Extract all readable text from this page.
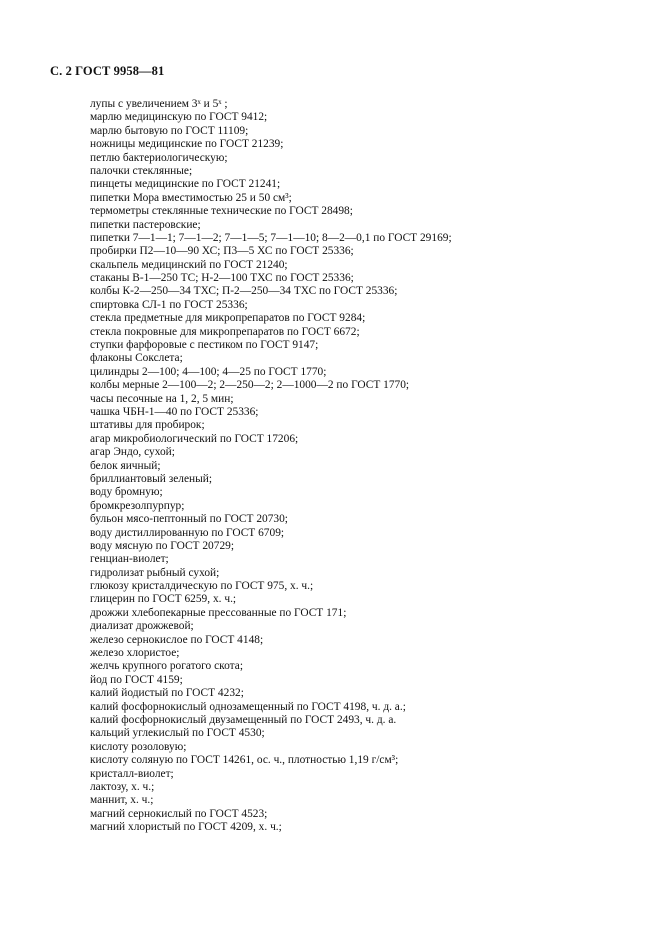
С. 2 ГОСТ 9958—81
лупы с увеличением 3ˣ и 5ˣ ;
марлю медицинскую по ГОСТ 9412;
марлю бытовую по ГОСТ 11109;
ножницы медицинские по ГОСТ 21239;
петлю бактериологическую;
палочки стеклянные;
пинцеты медицинские по ГОСТ 21241;
пипетки Мора вместимостью 25 и 50 см³;
термометры стеклянные технические по ГОСТ 28498;
пипетки пастеровские;
пипетки 7—1—1; 7—1—2; 7—1—5; 7—1—10; 8—2—0,1 по ГОСТ 29169;
пробирки П2—10—90 ХС; П3—5 ХС по ГОСТ 25336;
скальпель медицинский по ГОСТ 21240;
стаканы В-1—250 ТС; Н-2—100 ТХС по ГОСТ 25336;
колбы К-2—250—34 ТХС; П-2—250—34 ТХС по ГОСТ 25336;
спиртовка СЛ-1 по ГОСТ 25336;
стекла предметные для микропрепаратов по ГОСТ 9284;
стекла покровные для микропрепаратов по ГОСТ 6672;
ступки фарфоровые с пестиком по ГОСТ 9147;
флаконы Сокслета;
цилиндры 2—100; 4—100; 4—25 по ГОСТ 1770;
колбы мерные 2—100—2; 2—250—2; 2—1000—2 по ГОСТ 1770;
часы песочные на 1, 2, 5 мин;
чашка ЧБН-1—40 по ГОСТ 25336;
штативы для пробирок;
агар микробиологический по ГОСТ 17206;
агар Эндо, сухой;
белок яичный;
бриллиантовый зеленый;
воду бромную;
бромкрезолпурпур;
бульон мясо-пептонный по ГОСТ 20730;
воду дистиллированную по ГОСТ 6709;
воду мясную по ГОСТ 20729;
генциан-виолет;
гидролизат рыбный сухой;
глюкозу кристалдическую по ГОСТ 975, х. ч.;
глицерин по ГОСТ 6259, х. ч.;
дрожжи хлебопекарные прессованные по ГОСТ 171;
диализат дрожжевой;
железо сернокислое по ГОСТ 4148;
железо хлористое;
желчь крупного рогатого скота;
йод по ГОСТ 4159;
калий йодистый по ГОСТ 4232;
калий фосфорнокислый однозамещенный по ГОСТ 4198, ч. д. а.;
калий фосфорнокислый двузамещенный по ГОСТ 2493, ч. д. а.
кальций углекислый по ГОСТ 4530;
кислоту розоловую;
кислоту соляную по ГОСТ 14261, ос. ч., плотностью 1,19 г/см³;
кристалл-виолет;
лактозу, х. ч.;
маннит, х. ч.;
магний сернокислый по ГОСТ 4523;
магний хлористый по ГОСТ 4209, х. ч.;
